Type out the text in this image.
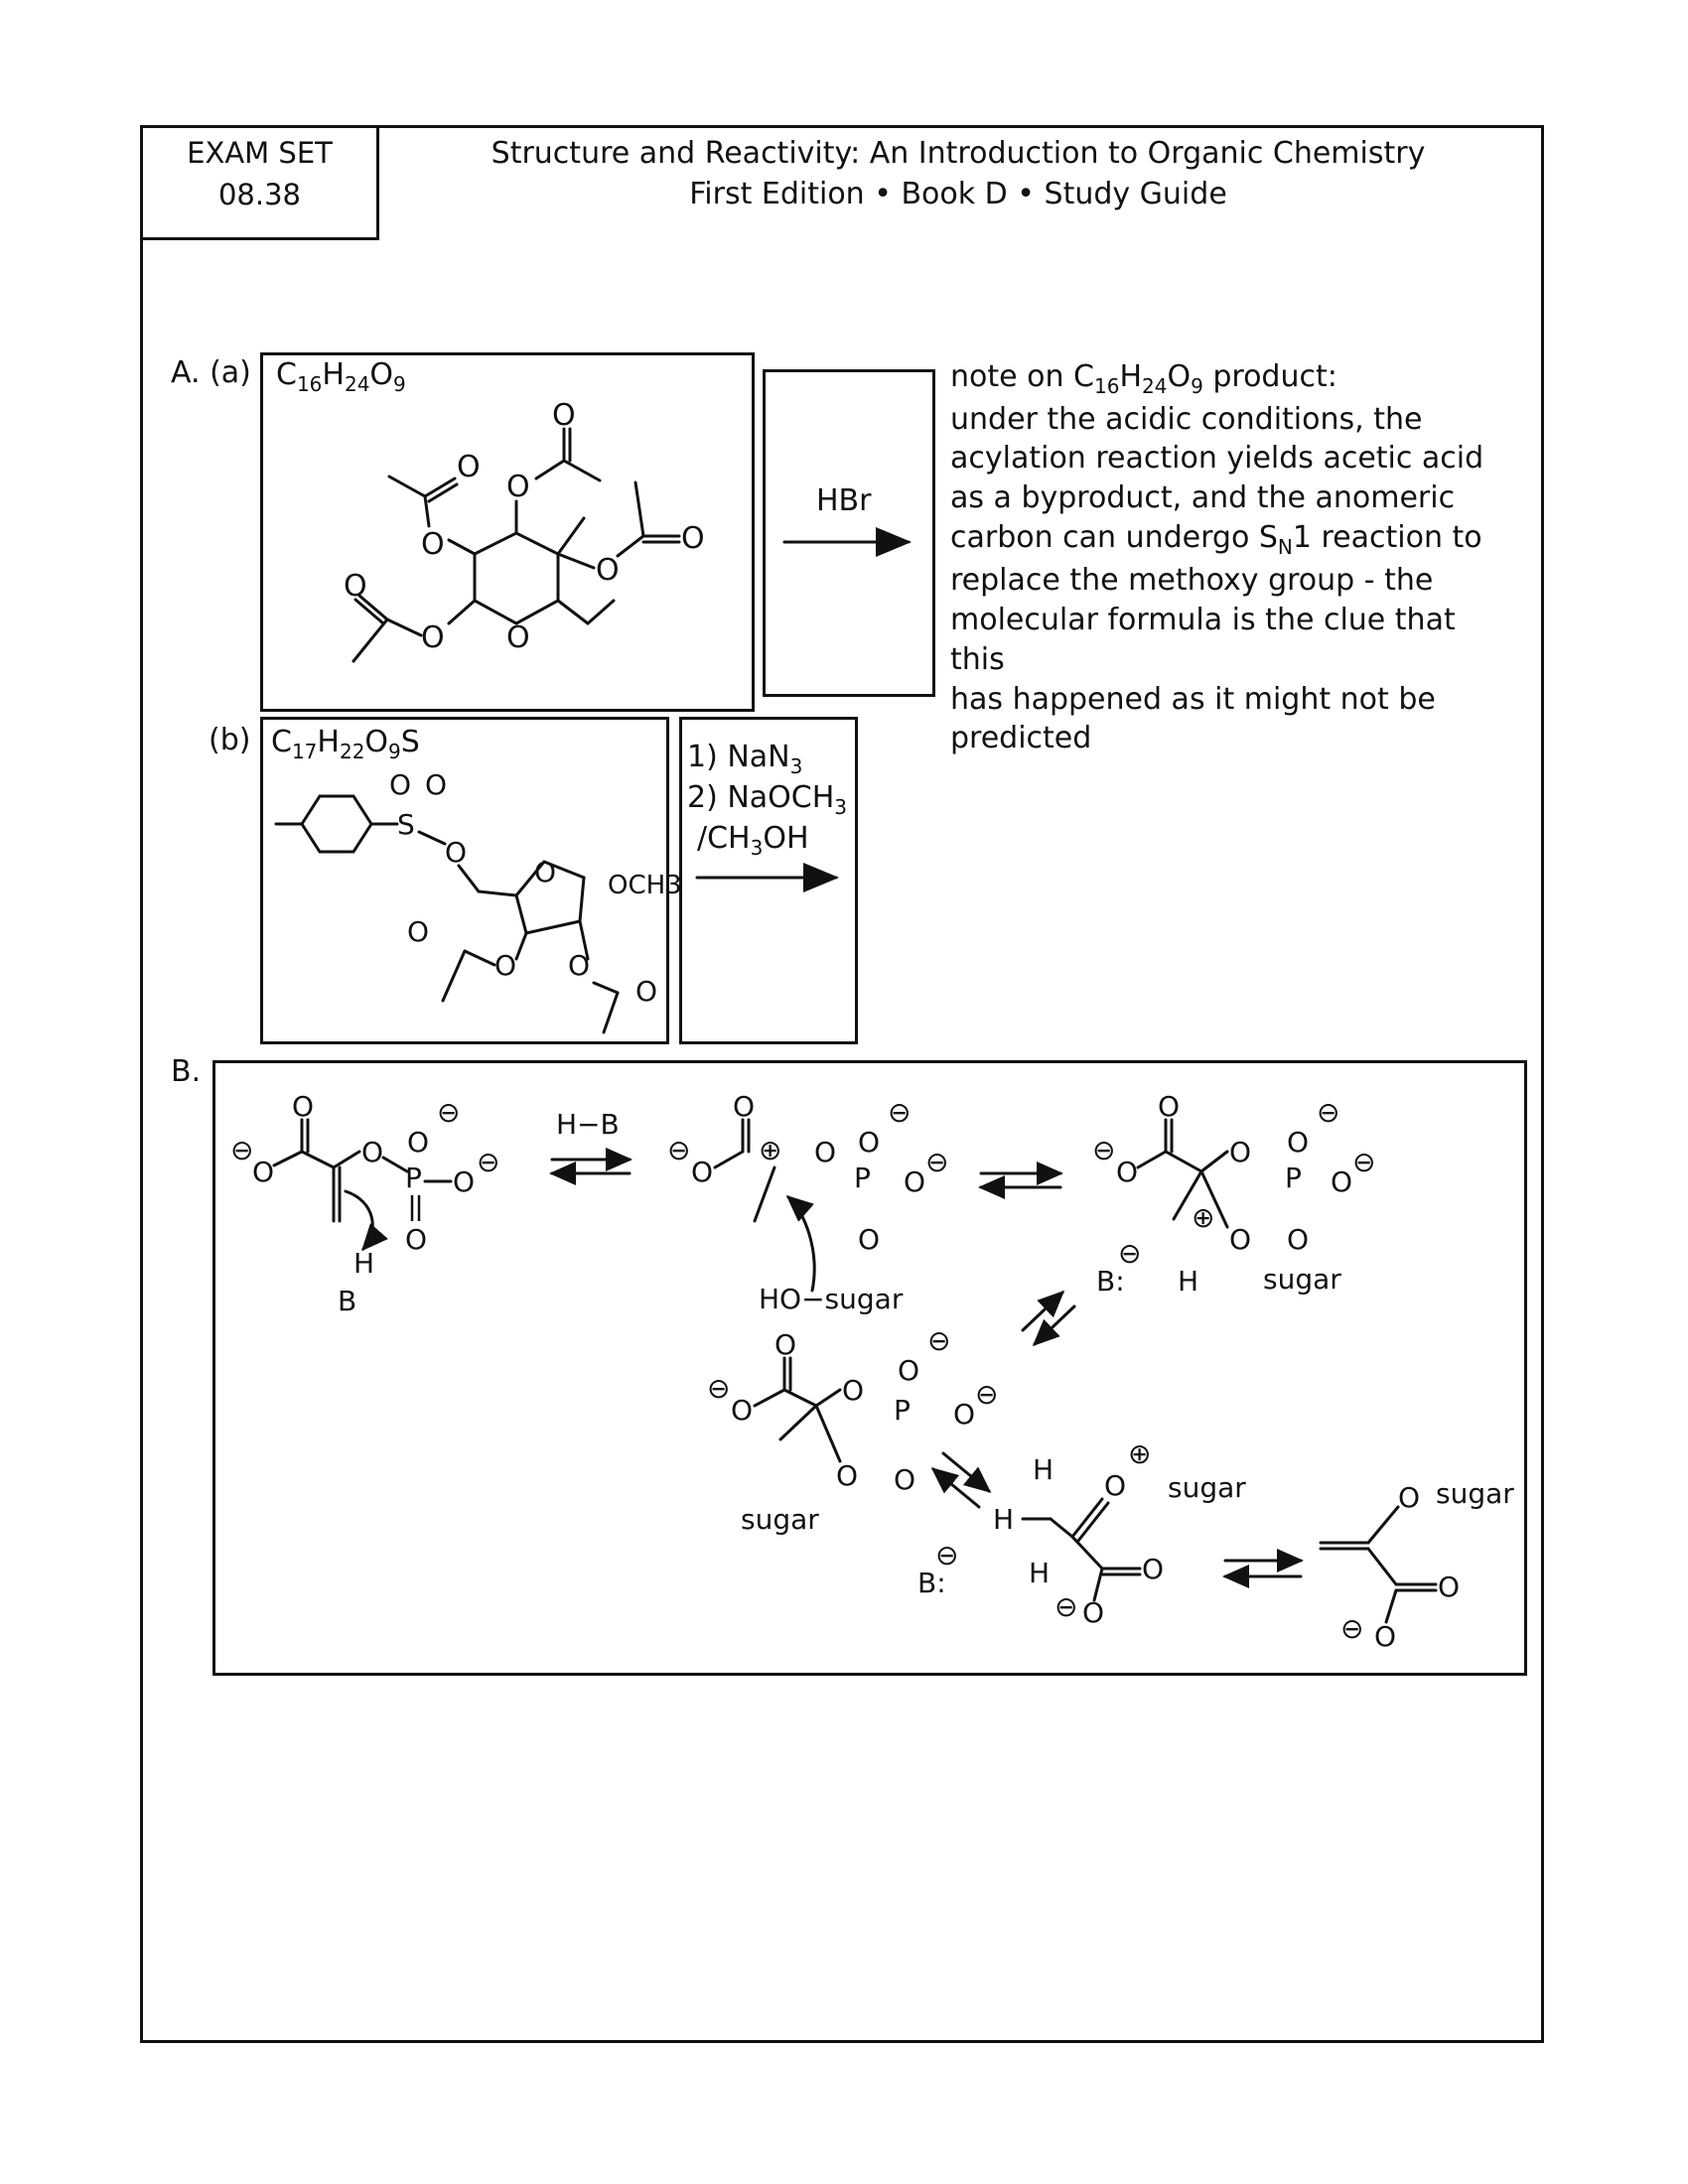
EXAM SET
08.38
Structure and Reactivity: An Introduction to Organic Chemistry
First Edition • Book D • Study Guide
A. (a)
(b)
$C_{16}H_{24}O_9$
HBr
note on $C_{16}H_{24}O_9$ product:
under the acidic conditions, the
acylation reaction yields acetic acid
as a byproduct, and the anomeric
carbon can undergo $S_N1$ reaction to
replace the methoxy group - the
molecular formula is the clue that this
has happened as it might not be
predicted
$C_{17}H_{22}O_9S$	1) NaN$_3$
2) NaOCH$_3$
$/CH_3OH$
B.
O
O
O
O
O
O
O
O
O
S
O O
O
O OCH3
O
O
O
O
⊖
O
O
O
P O
⊖
O
⊖
O
H
B
H−B
⊖
O
O
⊕ O
P O
⊖
O
⊖
O
HO−sugar
⊖
O
O
O
P O
⊖
O
⊖
O
⊕
O
sugar
H
B:
⊖
⊖
O
O
O
P O
⊖
O
⊖
O
O
sugar
H
H
H
O
⊕
sugar
O
O
⊖
B:
⊖
O sugar
O
O
⊖
